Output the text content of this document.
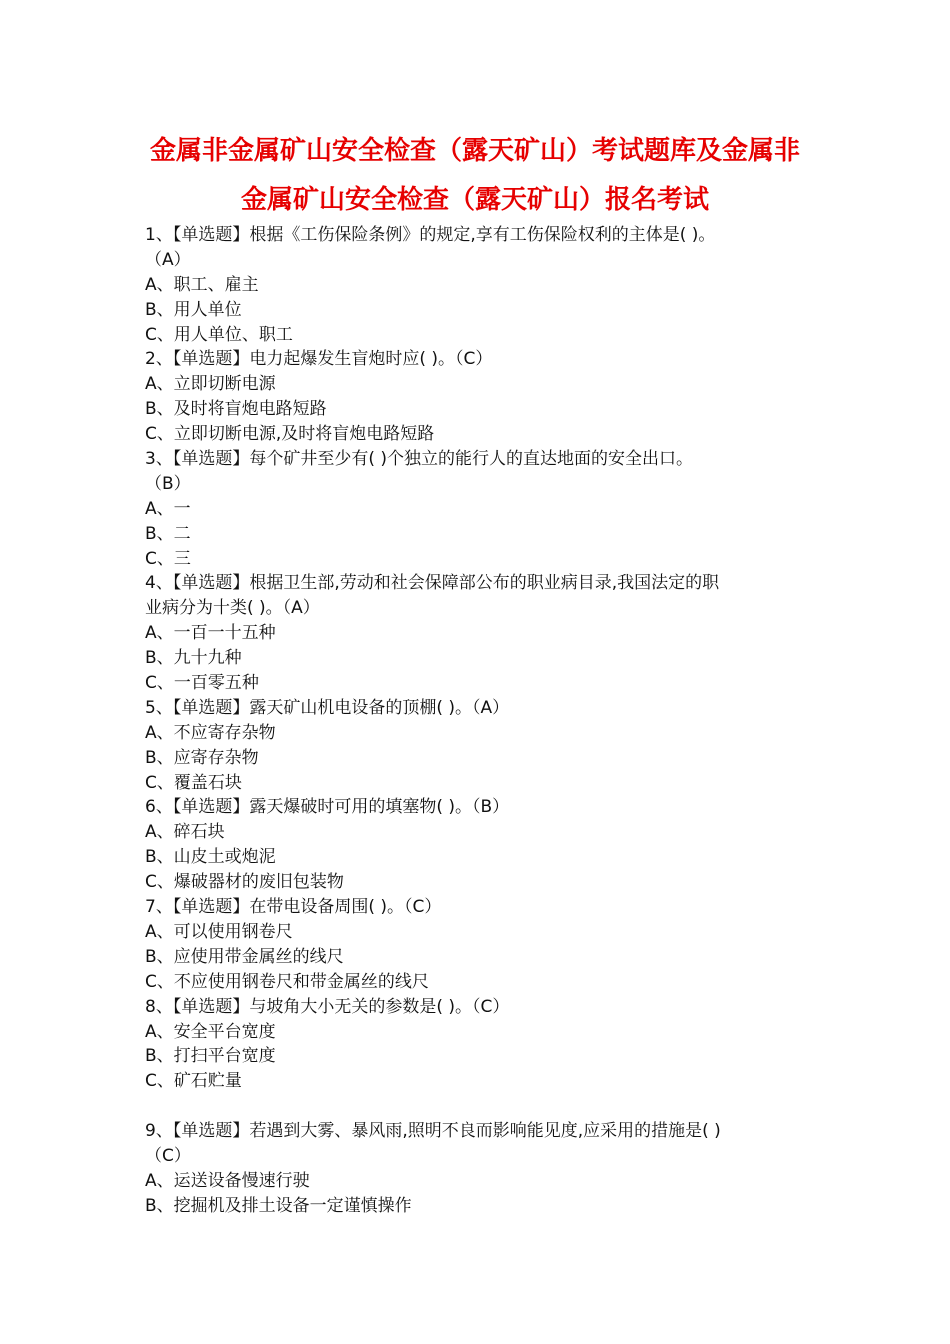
金属非金属矿山安全检查（露天矿山）考试题库及金属非
金属矿山安全检查（露天矿山）报名考试
1、【单选题】根据《工伤保险条例》的规定,享有工伤保险权利的主体是( )。
（A）
A、职工、雇主
B、用人单位
C、用人单位、职工
2、【单选题】电力起爆发生盲炮时应( )。（C）
A、立即切断电源
B、及时将盲炮电路短路
C、立即切断电源,及时将盲炮电路短路
3、【单选题】每个矿井至少有( )个独立的能行人的直达地面的安全出口。
（B）
A、一
B、二
C、三
4、【单选题】根据卫生部,劳动和社会保障部公布的职业病目录,我国法定的职
业病分为十类( )。（A）
A、一百一十五种
B、九十九种
C、一百零五种
5、【单选题】露天矿山机电设备的顶棚( )。（A）
A、不应寄存杂物
B、应寄存杂物
C、覆盖石块
6、【单选题】露天爆破时可用的填塞物( )。（B）
A、碎石块
B、山皮土或炮泥
C、爆破器材的废旧包装物
7、【单选题】在带电设备周围( )。（C）
A、可以使用钢卷尺
B、应使用带金属丝的线尺
C、不应使用钢卷尺和带金属丝的线尺
8、【单选题】与坡角大小无关的参数是( )。（C）
A、安全平台宽度
B、打扫平台宽度
C、矿石贮量
9、【单选题】若遇到大雾、暴风雨,照明不良而影响能见度,应采用的措施是( )
（C）
A、运送设备慢速行驶
B、挖掘机及排土设备一定谨慎操作
